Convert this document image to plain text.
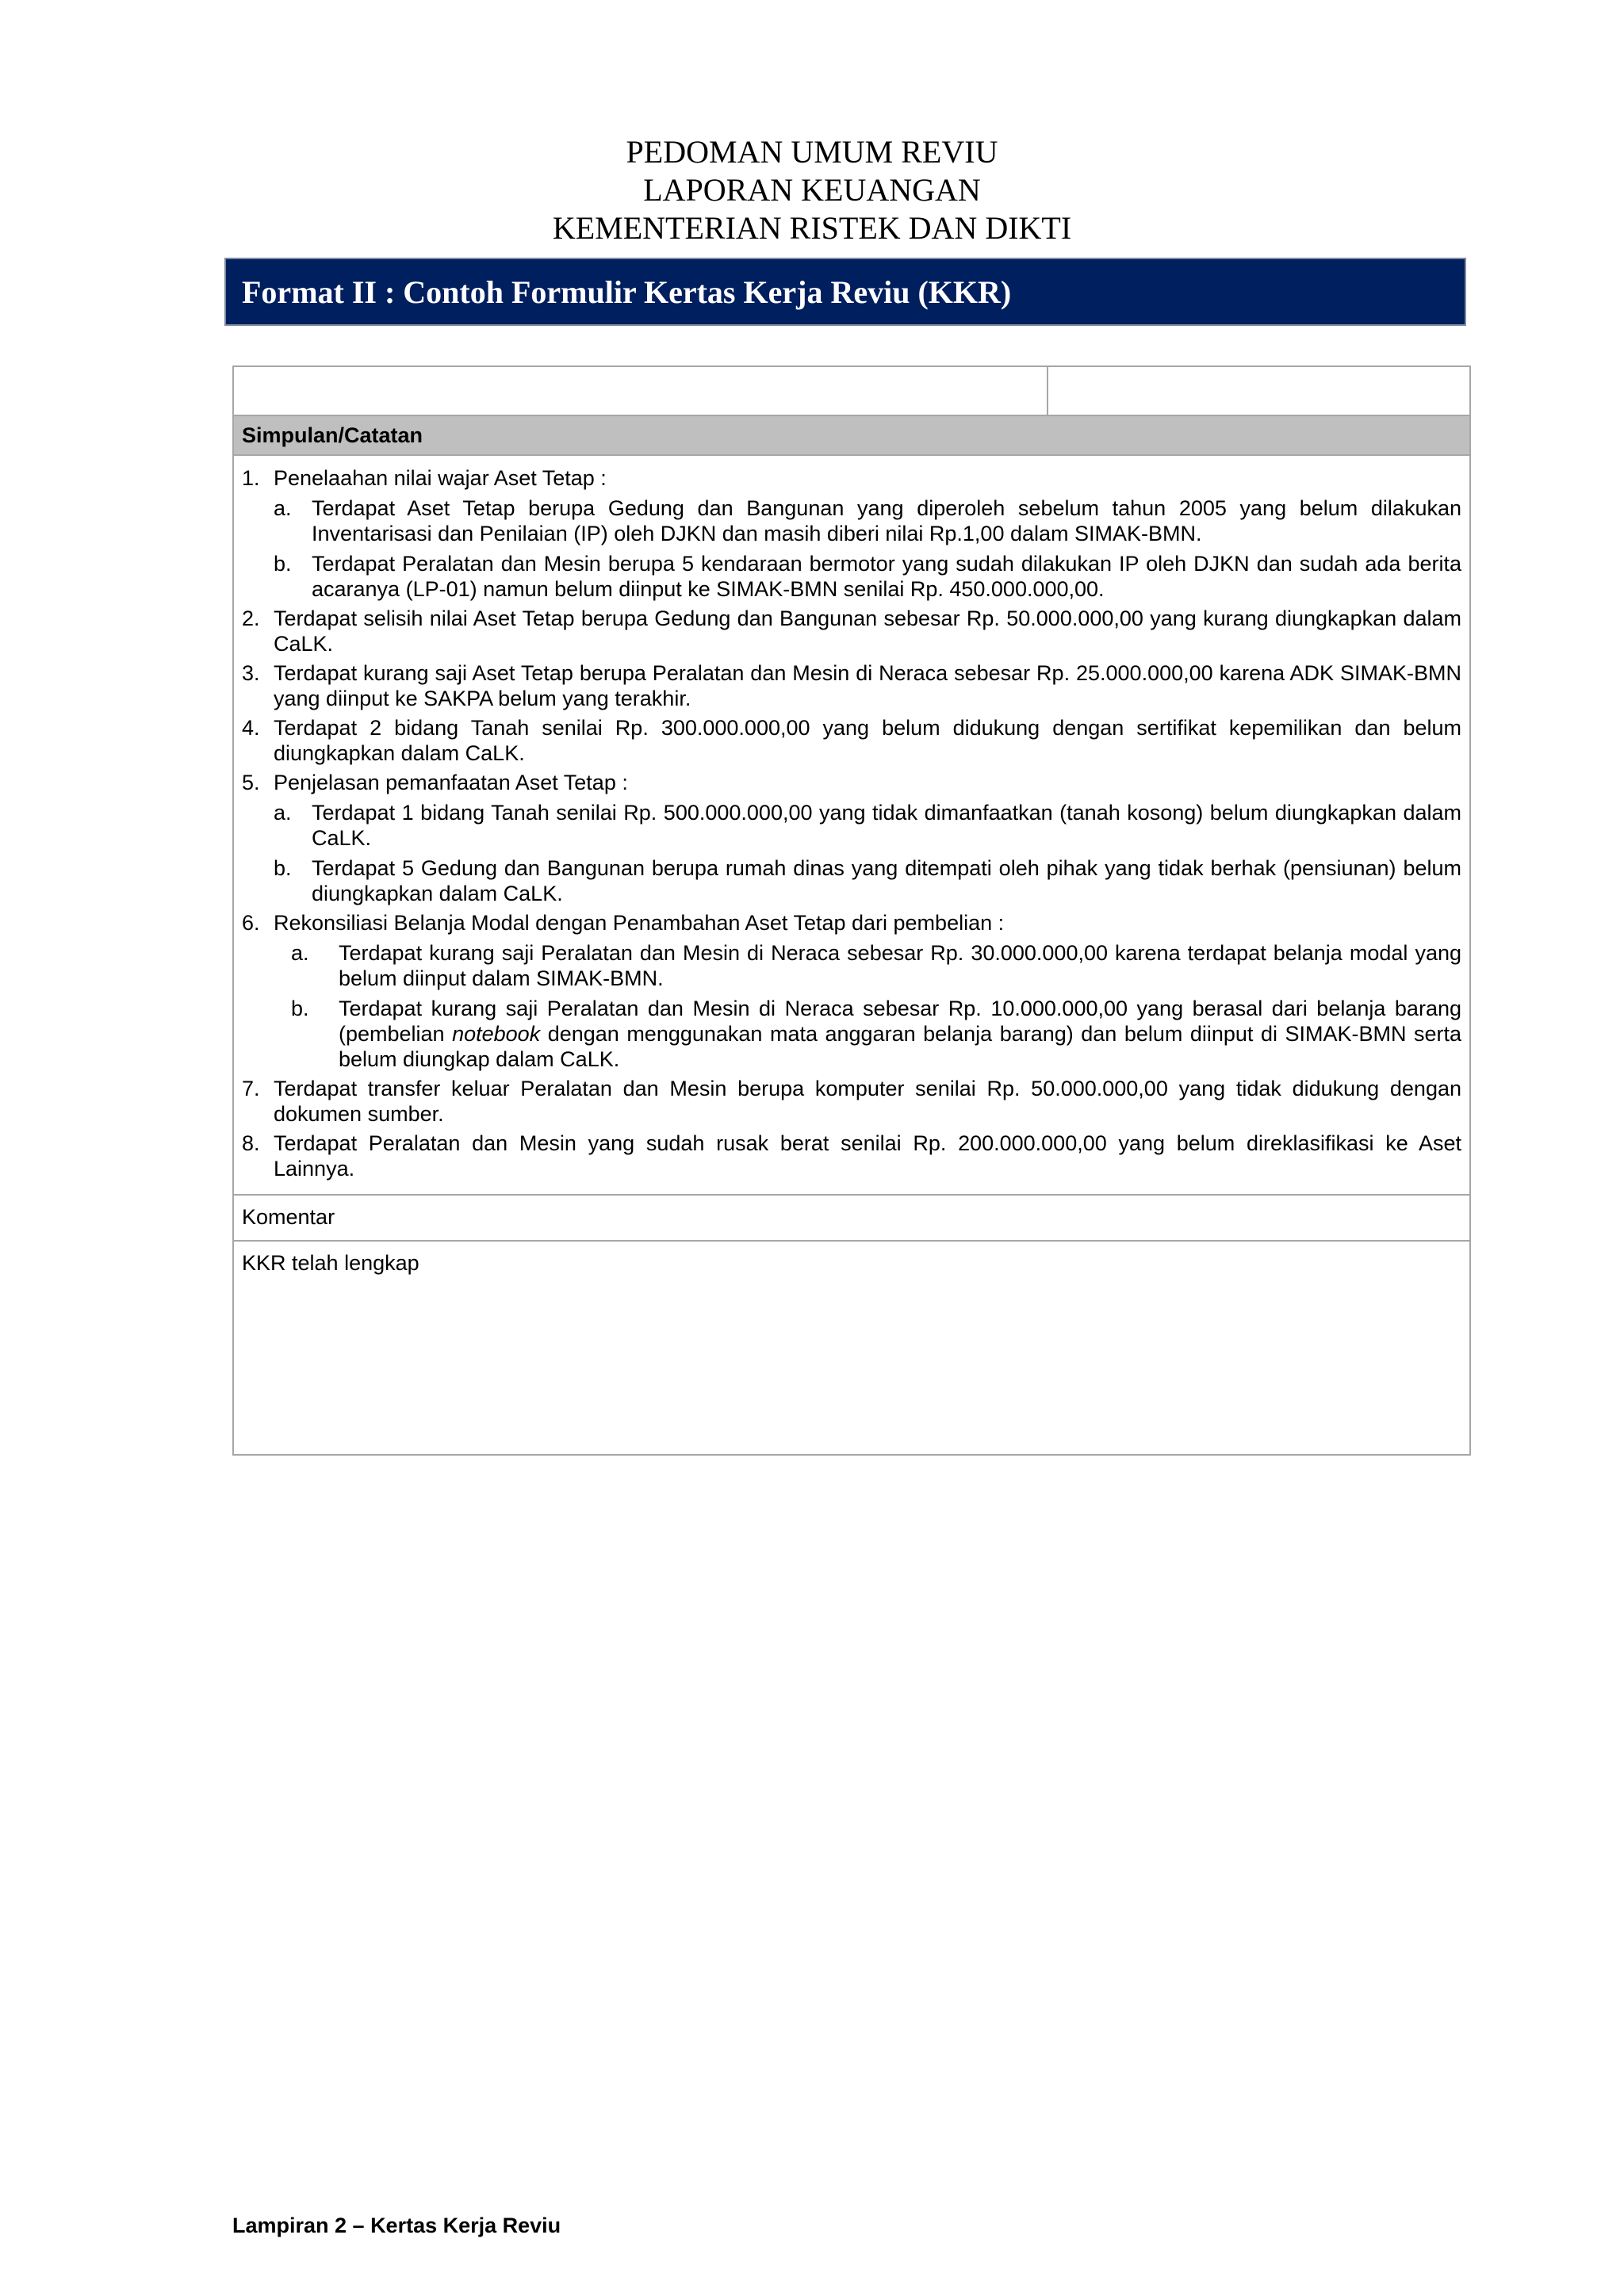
PEDOMAN UMUM REVIU
LAPORAN KEUANGAN
KEMENTERIAN RISTEK DAN DIKTI
Format II : Contoh Formulir Kertas Kerja Reviu (KKR)
Simpulan/Catatan
1. Penelaahan nilai wajar Aset Tetap :
a. Terdapat Aset Tetap berupa Gedung dan Bangunan yang diperoleh sebelum tahun 2005 yang belum dilakukan Inventarisasi dan Penilaian (IP) oleh DJKN dan masih diberi nilai Rp.1,00 dalam SIMAK-BMN.
b. Terdapat Peralatan dan Mesin berupa 5 kendaraan bermotor yang sudah dilakukan IP oleh DJKN dan sudah ada berita acaranya (LP-01) namun belum diinput ke SIMAK-BMN senilai Rp. 450.000.000,00.
2. Terdapat selisih nilai Aset Tetap berupa Gedung dan Bangunan sebesar Rp. 50.000.000,00 yang kurang diungkapkan dalam CaLK.
3. Terdapat kurang saji Aset Tetap berupa Peralatan dan Mesin di Neraca sebesar Rp. 25.000.000,00 karena ADK SIMAK-BMN yang diinput ke SAKPA belum yang terakhir.
4. Terdapat 2 bidang Tanah senilai Rp. 300.000.000,00 yang belum didukung dengan sertifikat kepemilikan dan belum diungkapkan dalam CaLK.
5. Penjelasan pemanfaatan Aset Tetap :
a. Terdapat 1 bidang Tanah senilai Rp. 500.000.000,00 yang tidak dimanfaatkan (tanah kosong) belum diungkapkan dalam CaLK.
b. Terdapat 5 Gedung dan Bangunan berupa rumah dinas yang ditempati oleh pihak yang tidak berhak (pensiunan) belum diungkapkan dalam CaLK.
6. Rekonsiliasi Belanja Modal dengan Penambahan Aset Tetap dari pembelian :
a.	Terdapat kurang saji Peralatan dan Mesin di Neraca sebesar Rp. 30.000.000,00 karena terdapat belanja modal yang belum diinput dalam SIMAK-BMN.
b.	Terdapat kurang saji Peralatan dan Mesin di Neraca sebesar Rp. 10.000.000,00 yang berasal dari belanja barang (pembelian notebook dengan menggunakan mata anggaran belanja barang) dan belum diinput di SIMAK-BMN serta belum diungkap dalam CaLK.
7. Terdapat transfer keluar Peralatan dan Mesin berupa komputer senilai Rp. 50.000.000,00 yang tidak didukung dengan dokumen sumber.
8. Terdapat Peralatan dan Mesin yang sudah rusak berat senilai Rp. 200.000.000,00 yang belum direklasifikasi ke Aset Lainnya.
Komentar
KKR telah lengkap
Lampiran 2 – Kertas Kerja Reviu
